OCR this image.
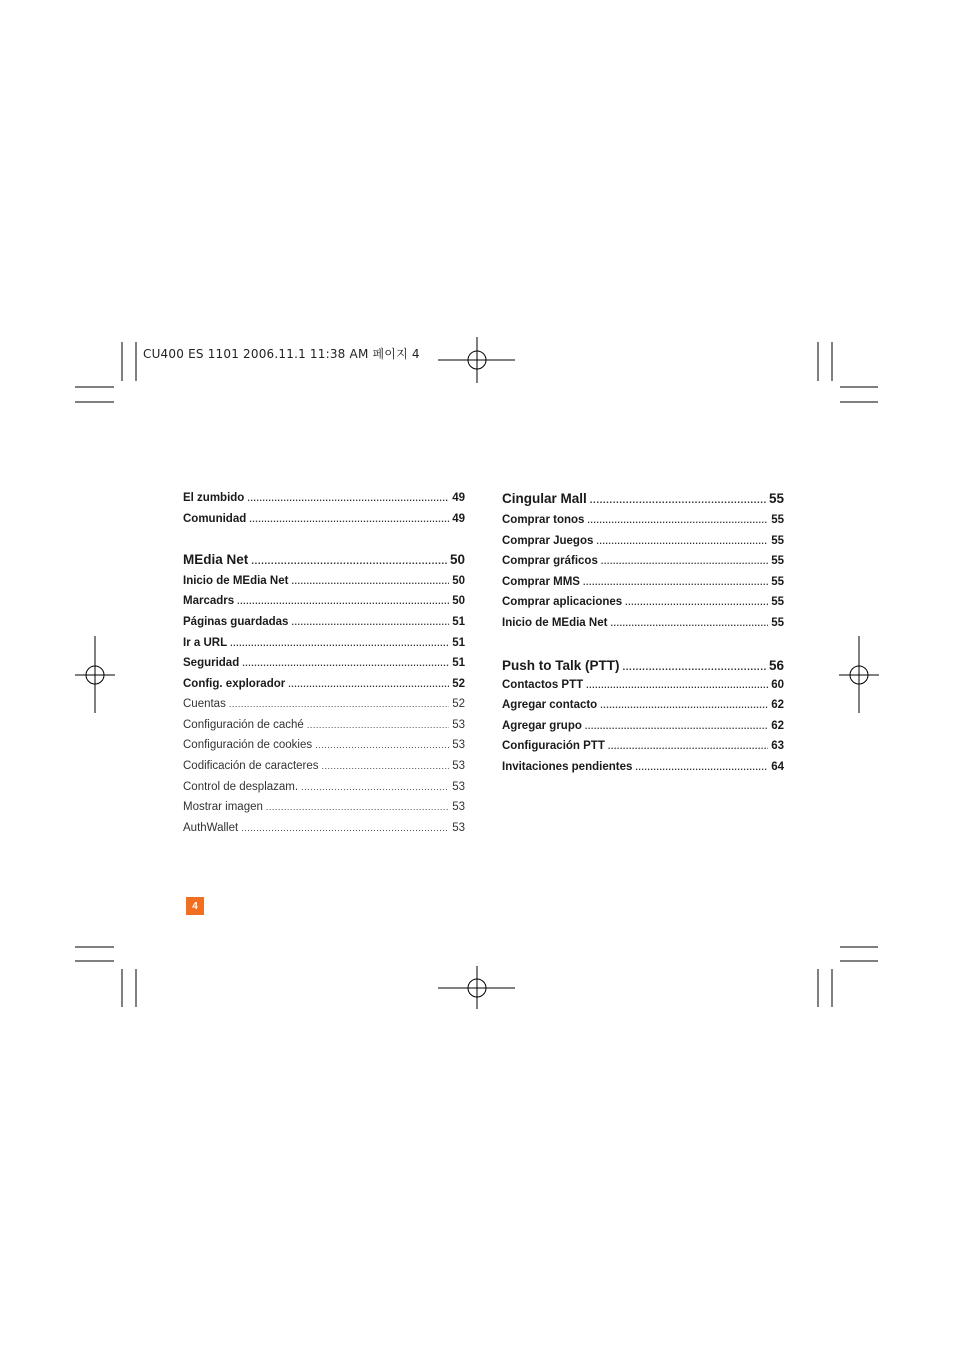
CU400 ES 1101 2006.11.1 11:38 AM 페이지 4
El zumbido .....	49
Comunidad .....	49
MEdia Net .....	50
Inicio de MEdia Net .....	50
Marcadrs .....	50
Páginas guardadas .....	51
Ir a URL .....	51
Seguridad .....	51
Config. explorador .....	52
Cuentas .....	52
Configuración de caché .....	53
Configuración de cookies .....	53
Codificación de caracteres .....	53
Control de desplazam. .....	53
Mostrar imagen .....	53
AuthWallet .....	53
Cingular Mall .....	55
Comprar tonos .....	55
Comprar Juegos .....	55
Comprar gráficos .....	55
Comprar MMS .....	55
Comprar aplicaciones .....	55
Inicio de MEdia Net .....	55
Push to Talk (PTT) .....	56
Contactos PTT .....	60
Agregar contacto .....	62
Agregar grupo .....	62
Configuración PTT .....	63
Invitaciones pendientes .....	64
4
